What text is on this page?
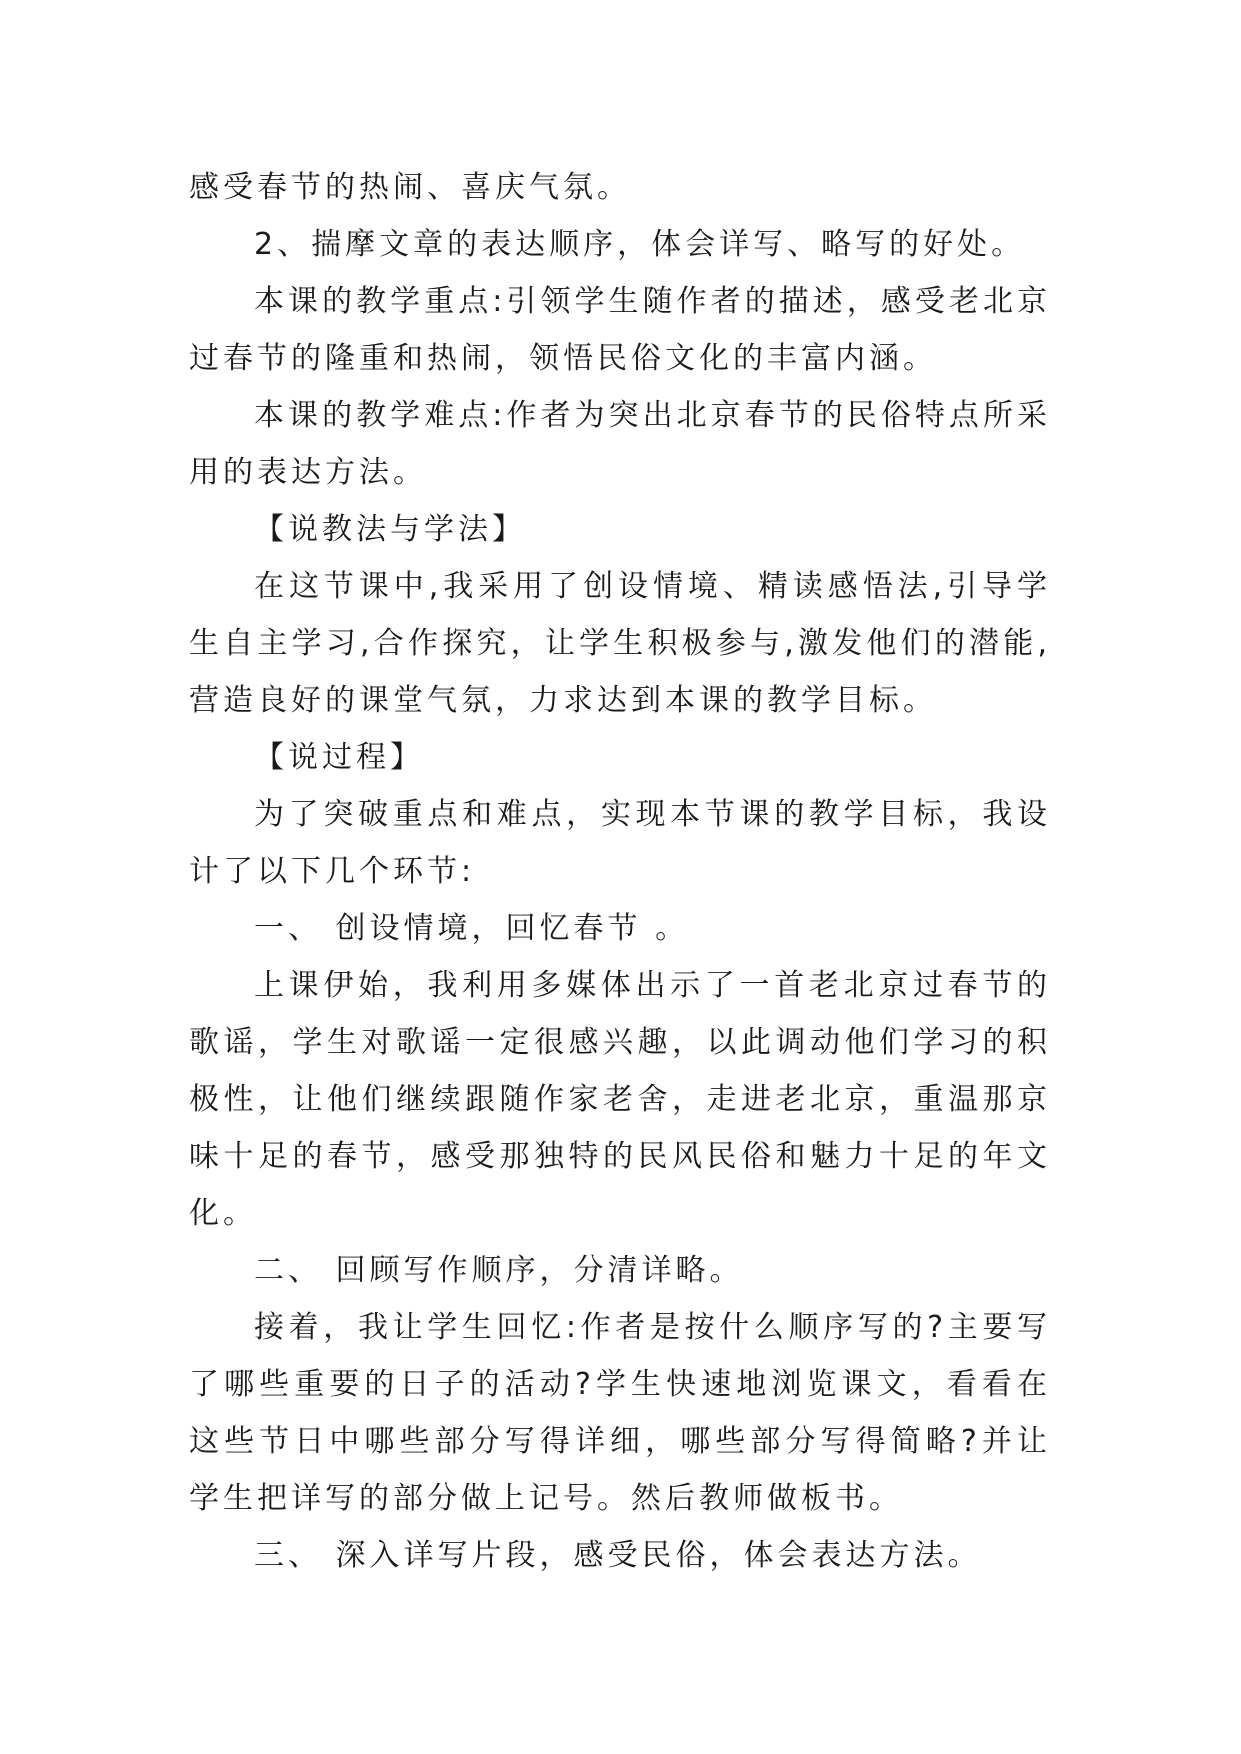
感受春节的热闹、喜庆气氛。

2、揣摩文章的表达顺序，体会详写、略写的好处。

本课的教学重点:引领学生随作者的描述，感受老北京过春节的隆重和热闹，领悟民俗文化的丰富内涵。

本课的教学难点:作者为突出北京春节的民俗特点所采用的表达方法。

【说教法与学法】

在这节课中,我采用了创设情境、精读感悟法,引导学生自主学习,合作探究，让学生积极参与,激发他们的潜能,营造良好的课堂气氛，力求达到本课的教学目标。

【说过程】

为了突破重点和难点，实现本节课的教学目标，我设计了以下几个环节:

一、 创设情境，回忆春节 。

上课伊始，我利用多媒体出示了一首老北京过春节的歌谣，学生对歌谣一定很感兴趣，以此调动他们学习的积极性，让他们继续跟随作家老舍，走进老北京，重温那京味十足的春节，感受那独特的民风民俗和魅力十足的年文化。

二、 回顾写作顺序，分清详略。

接着，我让学生回忆:作者是按什么顺序写的?主要写了哪些重要的日子的活动?学生快速地浏览课文，看看在这些节日中哪些部分写得详细，哪些部分写得简略?并让学生把详写的部分做上记号。然后教师做板书。

三、 深入详写片段，感受民俗，体会表达方法。
